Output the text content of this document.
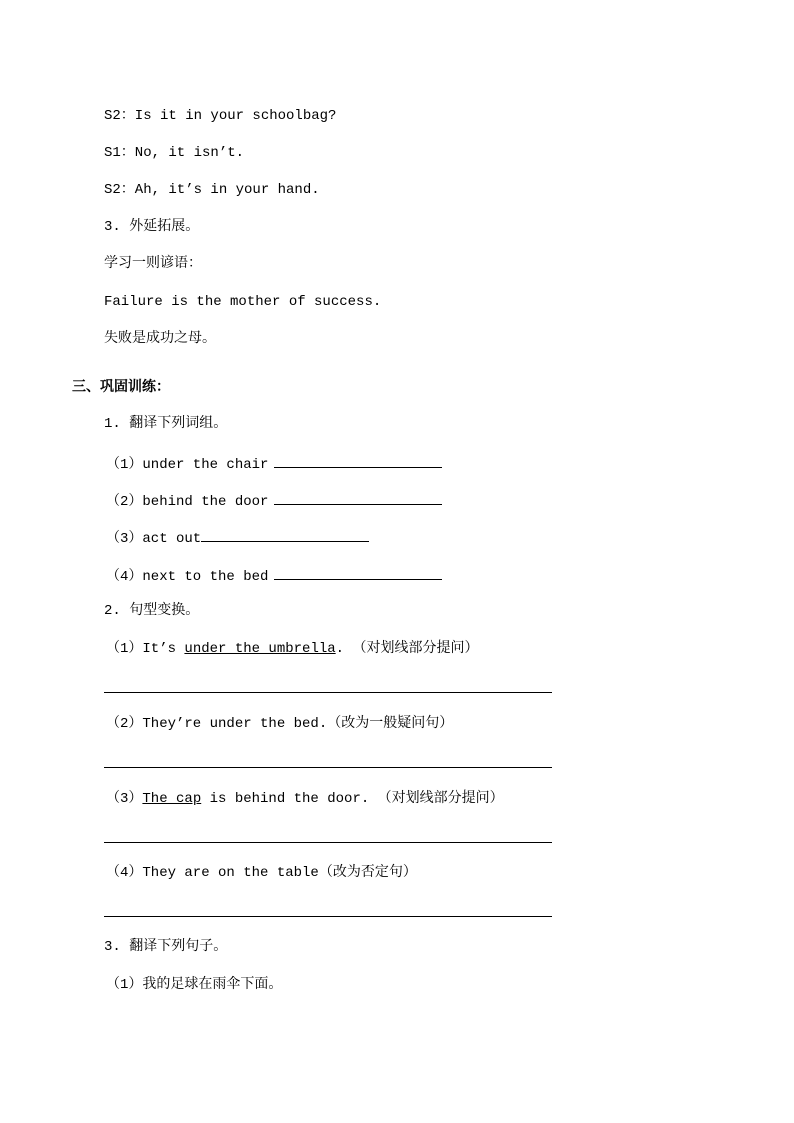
S2：Is it in your schoolbag?
S1：No, it isn’t.
S2：Ah, it’s in your hand.
3. 外延拓展。
学习一则谚语：
Failure is the mother of success.
失败是成功之母。
三、巩固训练：
1. 翻译下列词组。
（1）under the chair
（2）behind the door
（3）act out
（4）next to the bed
2. 句型变换。
（1）It’s under the umbrella. （对划线部分提问）
（2）They’re under the bed.（改为一般疑问句）
（3）The cap is behind the door. （对划线部分提问）
（4）They are on the table（改为否定句）
3. 翻译下列句子。
（1）我的足球在雨伞下面。
